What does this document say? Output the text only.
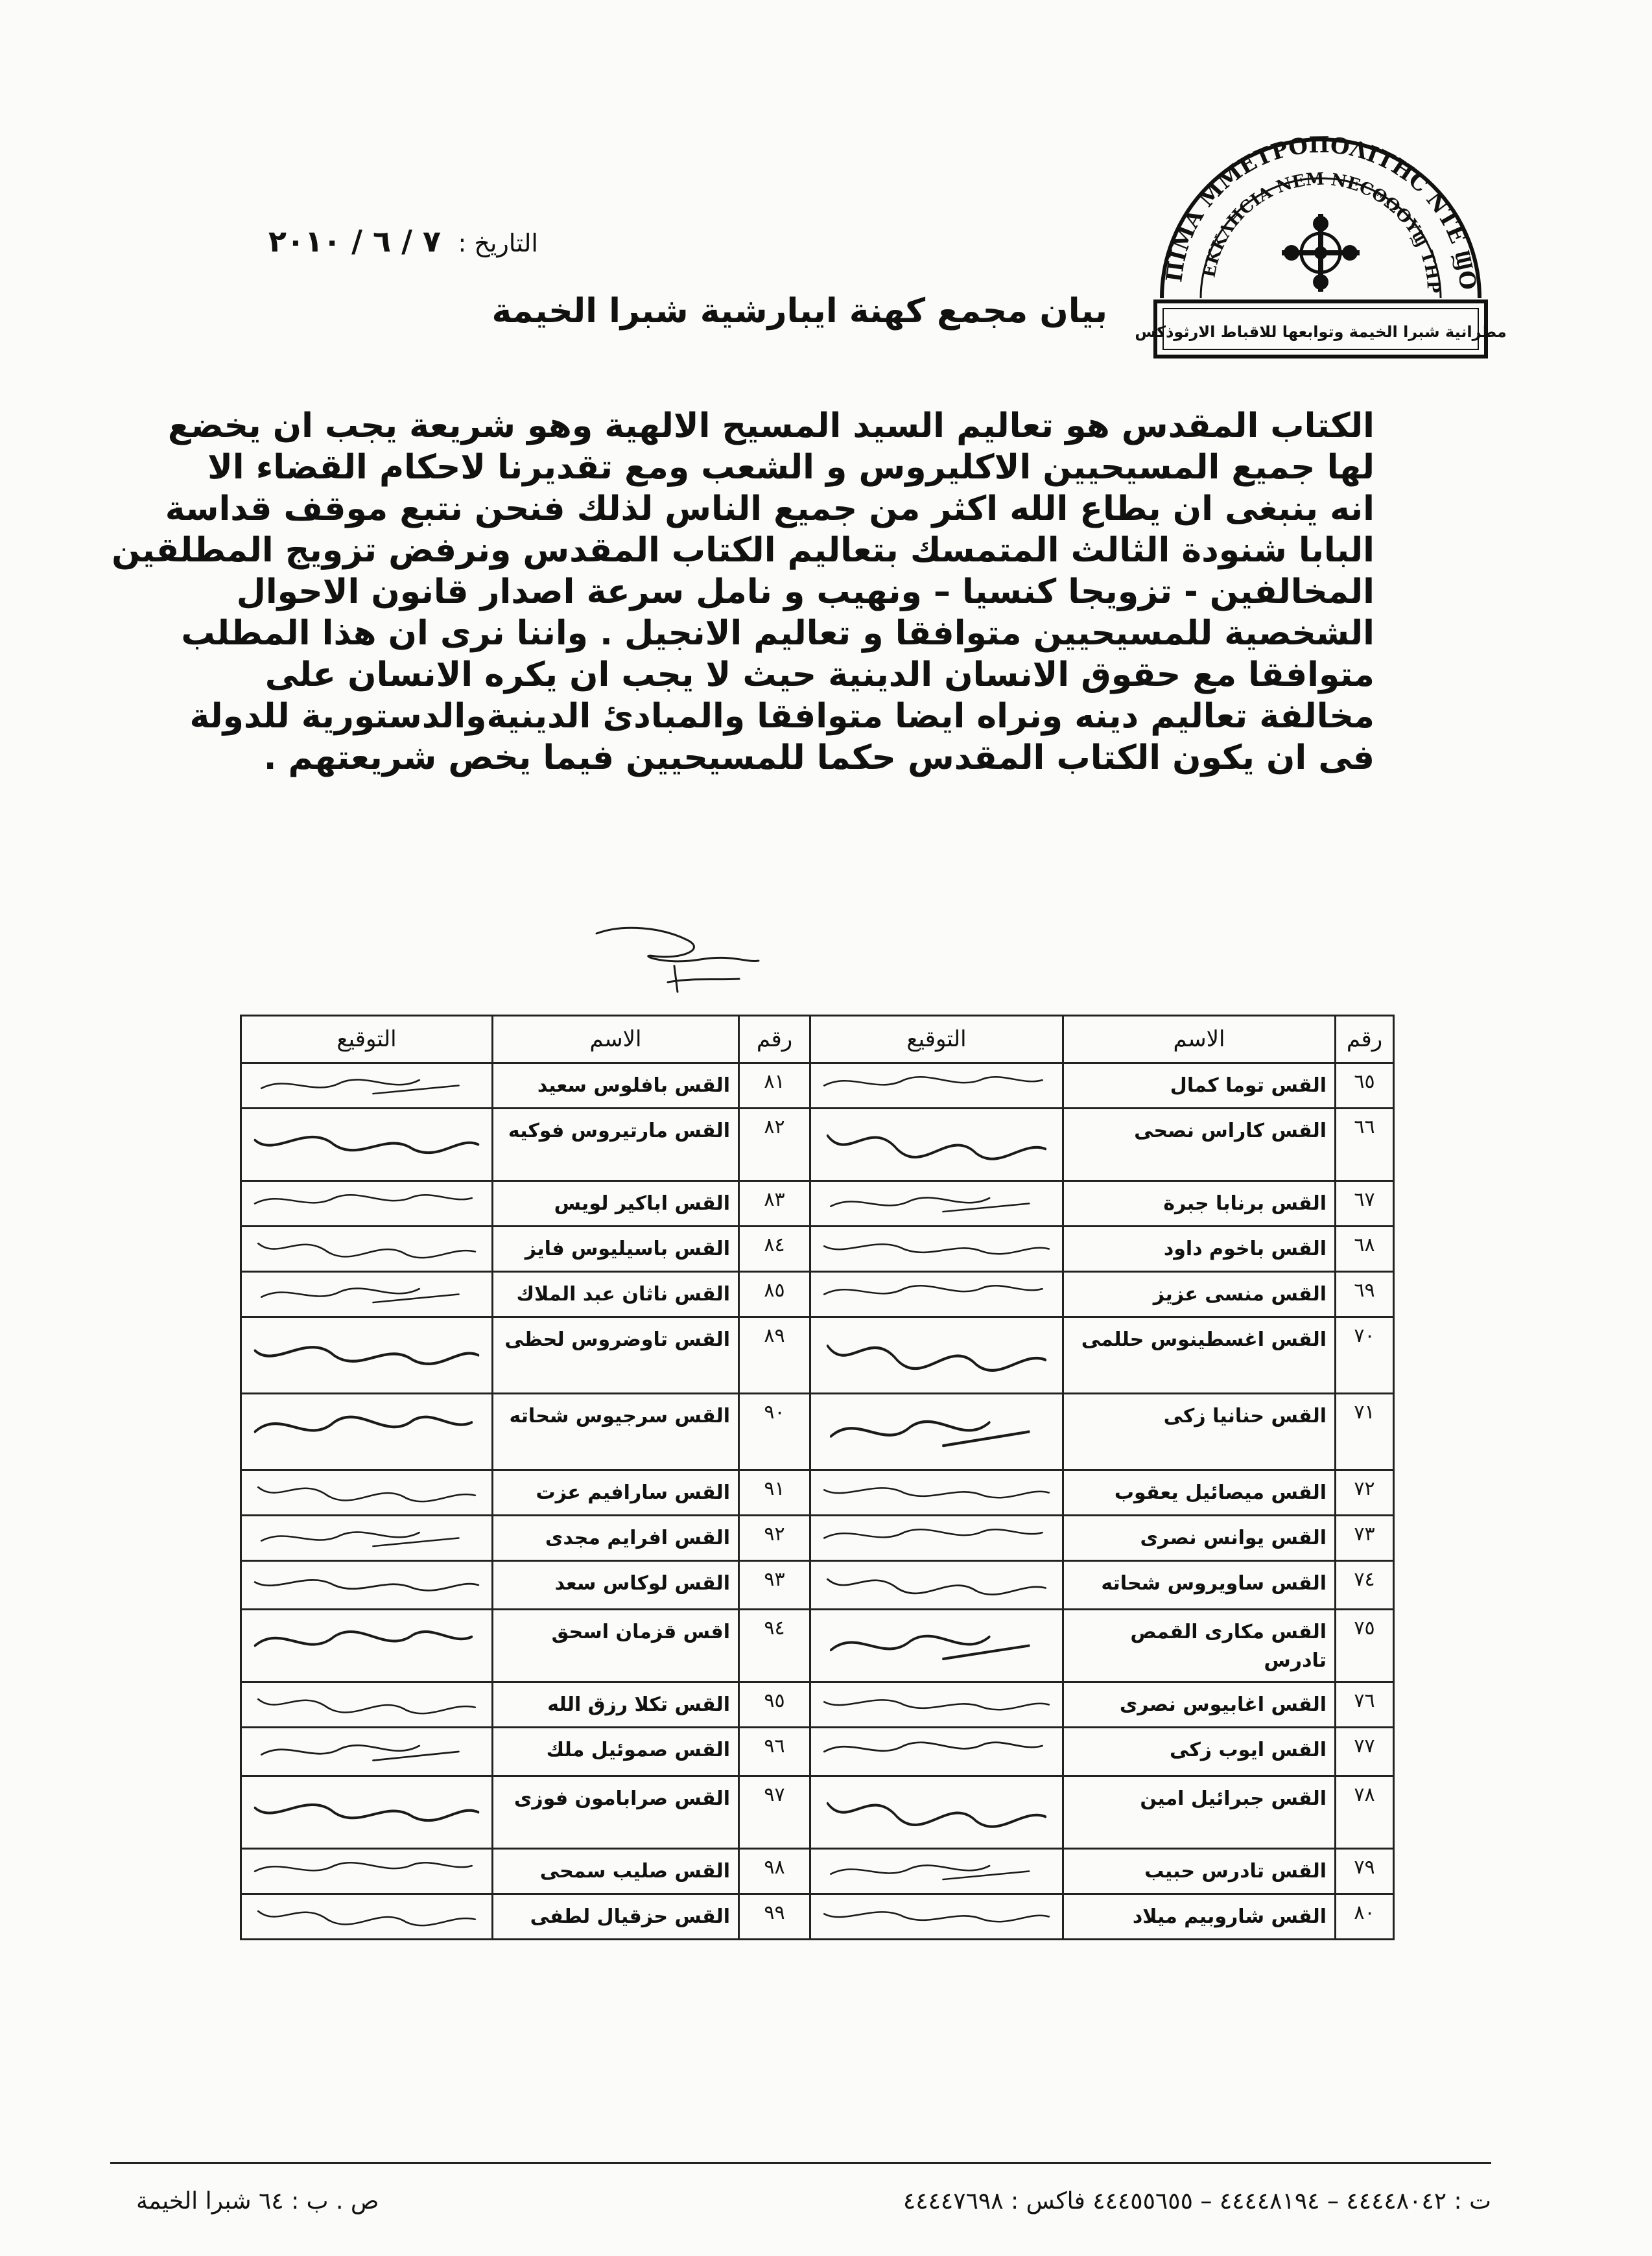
ΠΙΜΑ ΜΜΕΤΡΟΠΟΛΙΤΗС ΝΤΕ ϢΟ
ΕΚΚΛΗϹΙΑ ΝΕΜ ΝΕϹΘΩΟΥϢ ΤΗΡ
مطرانية شبرا الخيمة وتوابعها للاقباط الارثوذكس
التاريخ :
٧ / ٦ / ٢٠١٠
بيان مجمع كهنة ايبارشية شبرا الخيمة
الكتاب المقدس هو تعاليم السيد المسيح الالهية وهو شريعة يجب ان يخضع
لها جميع المسيحيين الاكليروس و الشعب ومع تقديرنا لاحكام القضاء الا
انه ينبغى ان يطاع الله اكثر من جميع الناس لذلك فنحن نتبع موقف قداسة
البابا شنودة الثالث المتمسك بتعاليم الكتاب المقدس ونرفض تزويج المطلقين
المخالفين - تزويجا كنسيا – ونهيب و نامل سرعة اصدار قانون الاحوال
الشخصية للمسيحيين متوافقا و تعاليم الانجيل . واننا نرى ان هذا المطلب
متوافقا مع حقوق الانسان الدينية حيث لا يجب ان يكره الانسان على
مخالفة تعاليم دينه ونراه ايضا متوافقا والمبادئ الدينيةوالدستورية للدولة
فى ان يكون الكتاب المقدس حكما للمسيحيين فيما يخص شريعتهم .
رقم	الاسم	التوقيع	رقم	الاسم	التوقيع
٦٥	القس توما كمال		٨١	القس بافلوس سعيد	

٦٦	القس كاراس نصحى		٨٢	القس مارتيروس فوكيه	

٦٧	القس برنابا جبرة		٨٣	القس اباكير لويس	

٦٨	القس باخوم داود		٨٤	القس باسيليوس فايز	

٦٩	القس منسى عزيز		٨٥	القس ناثان عبد الملاك	

٧٠	القس اغسطينوس حللمى		٨٩	القس تاوضروس لحظى	

٧١	القس حنانيا زكى		٩٠	القس سرجيوس شحاته	

٧٢	القس ميصائيل يعقوب		٩١	القس سارافيم عزت	

٧٣	القس يوانس نصرى		٩٢	القس افرايم مجدى	

٧٤	القس ساويروس شحاته		٩٣	القس لوكاس سعد	

٧٥	القس مكارى القمص تادرس		٩٤	اقس قزمان اسحق	

٧٦	القس اغابيوس نصرى		٩٥	القس تكلا رزق الله	

٧٧	القس ايوب زكى		٩٦	القس صموئيل ملك	

٧٨	القس جبرائيل امين		٩٧	القس صرابامون فوزى	

٧٩	القس تادرس حبيب		٩٨	القس صليب سمحى	

٨٠	القس شاروبيم ميلاد		٩٩	القس حزقيال لطفى	
ت : ٤٤٤٤٨٠٤٢ – ٤٤٤٤٨١٩٤ – ٤٤٤٥٥٦٥٥ فاكس : ٤٤٤٤٧٦٩٨
ص . ب : ٦٤ شبرا الخيمة
